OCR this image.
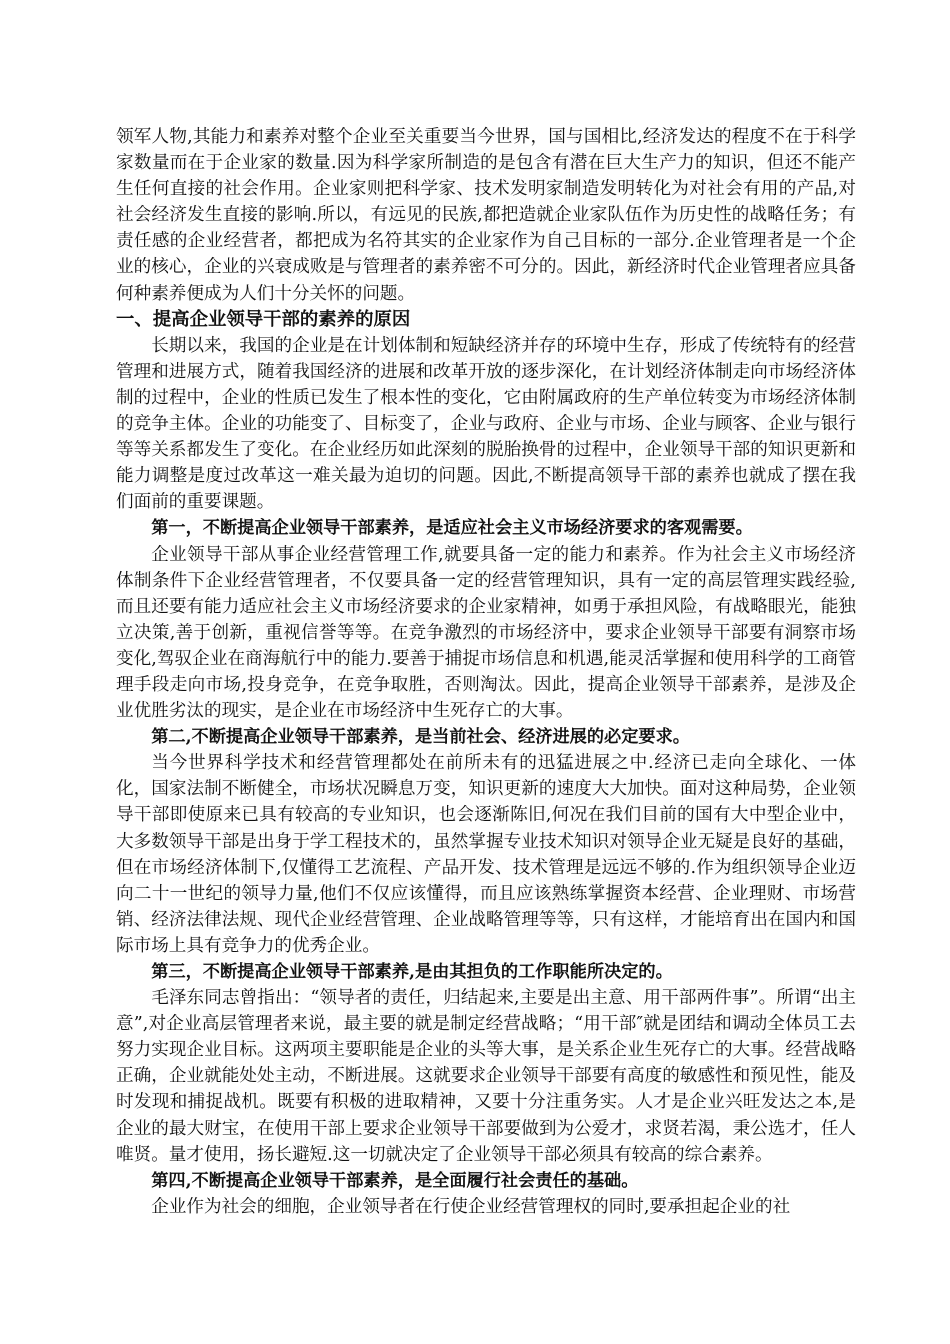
领军人物,其能力和素养对整个企业至关重要当今世界，国与国相比,经济发达的程度不在于科学家数量而在于企业家的数量.因为科学家所制造的是包含有潜在巨大生产力的知识，但还不能产生任何直接的社会作用。企业家则把科学家、技术发明家制造发明转化为对社会有用的产品,对社会经济发生直接的影响.所以，有远见的民族,都把造就企业家队伍作为历史性的战略任务；有责任感的企业经营者，都把成为名符其实的企业家作为自己目标的一部分.企业管理者是一个企业的核心，企业的兴衰成败是与管理者的素养密不可分的。因此，新经济时代企业管理者应具备何种素养便成为人们十分关怀的问题。

一、提高企业领导干部的素养的原因

长期以来，我国的企业是在计划体制和短缺经济并存的环境中生存，形成了传统特有的经营管理和进展方式，随着我国经济的进展和改革开放的逐步深化，在计划经济体制走向市场经济体制的过程中，企业的性质已发生了根本性的变化，它由附属政府的生产单位转变为市场经济体制的竞争主体。企业的功能变了、目标变了，企业与政府、企业与市场、企业与顾客、企业与银行等等关系都发生了变化。在企业经历如此深刻的脱胎换骨的过程中，企业领导干部的知识更新和能力调整是度过改革这一难关最为迫切的问题。因此,不断提高领导干部的素养也就成了摆在我们面前的重要课题。

第一，不断提高企业领导干部素养，是适应社会主义市场经济要求的客观需要。

企业领导干部从事企业经营管理工作,就要具备一定的能力和素养。作为社会主义市场经济体制条件下企业经营管理者，不仅要具备一定的经营管理知识，具有一定的高层管理实践经验,而且还要有能力适应社会主义市场经济要求的企业家精神，如勇于承担风险，有战略眼光，能独立决策,善于创新，重视信誉等等。在竞争激烈的市场经济中，要求企业领导干部要有洞察市场变化,驾驭企业在商海航行中的能力.要善于捕捉市场信息和机遇,能灵活掌握和使用科学的工商管理手段走向市场,投身竞争，在竞争取胜，否则淘汰。因此，提高企业领导干部素养，是涉及企业优胜劣汰的现实，是企业在市场经济中生死存亡的大事。

第二,不断提高企业领导干部素养，是当前社会、经济进展的必定要求。

当今世界科学技术和经营管理都处在前所未有的迅猛进展之中.经济已走向全球化、一体化，国家法制不断健全，市场状况瞬息万变，知识更新的速度大大加快。面对这种局势，企业领导干部即使原来已具有较高的专业知识，也会逐渐陈旧,何况在我们目前的国有大中型企业中，大多数领导干部是出身于学工程技术的，虽然掌握专业技术知识对领导企业无疑是良好的基础，但在市场经济体制下,仅懂得工艺流程、产品开发、技术管理是远远不够的.作为组织领导企业迈向二十一世纪的领导力量,他们不仅应该懂得，而且应该熟练掌握资本经营、企业理财、市场营销、经济法律法规、现代企业经营管理、企业战略管理等等，只有这样，才能培育出在国内和国际市场上具有竞争力的优秀企业。

第三，不断提高企业领导干部素养,是由其担负的工作职能所决定的。

毛泽东同志曾指出：“领导者的责任，归结起来,主要是出主意、用干部两件事”。所谓“出主意”,对企业高层管理者来说，最主要的就是制定经营战略；“用干部″就是团结和调动全体员工去努力实现企业目标。这两项主要职能是企业的头等大事，是关系企业生死存亡的大事。经营战略正确，企业就能处处主动，不断进展。这就要求企业领导干部要有高度的敏感性和预见性，能及时发现和捕捉战机。既要有积极的进取精神，又要十分注重务实。人才是企业兴旺发达之本,是企业的最大财宝，在使用干部上要求企业领导干部要做到为公爱才，求贤若渴，秉公选才，任人唯贤。量才使用，扬长避短.这一切就决定了企业领导干部必须具有较高的综合素养。

第四,不断提高企业领导干部素养，是全面履行社会责任的基础。

企业作为社会的细胞，企业领导者在行使企业经营管理权的同时,要承担起企业的社
